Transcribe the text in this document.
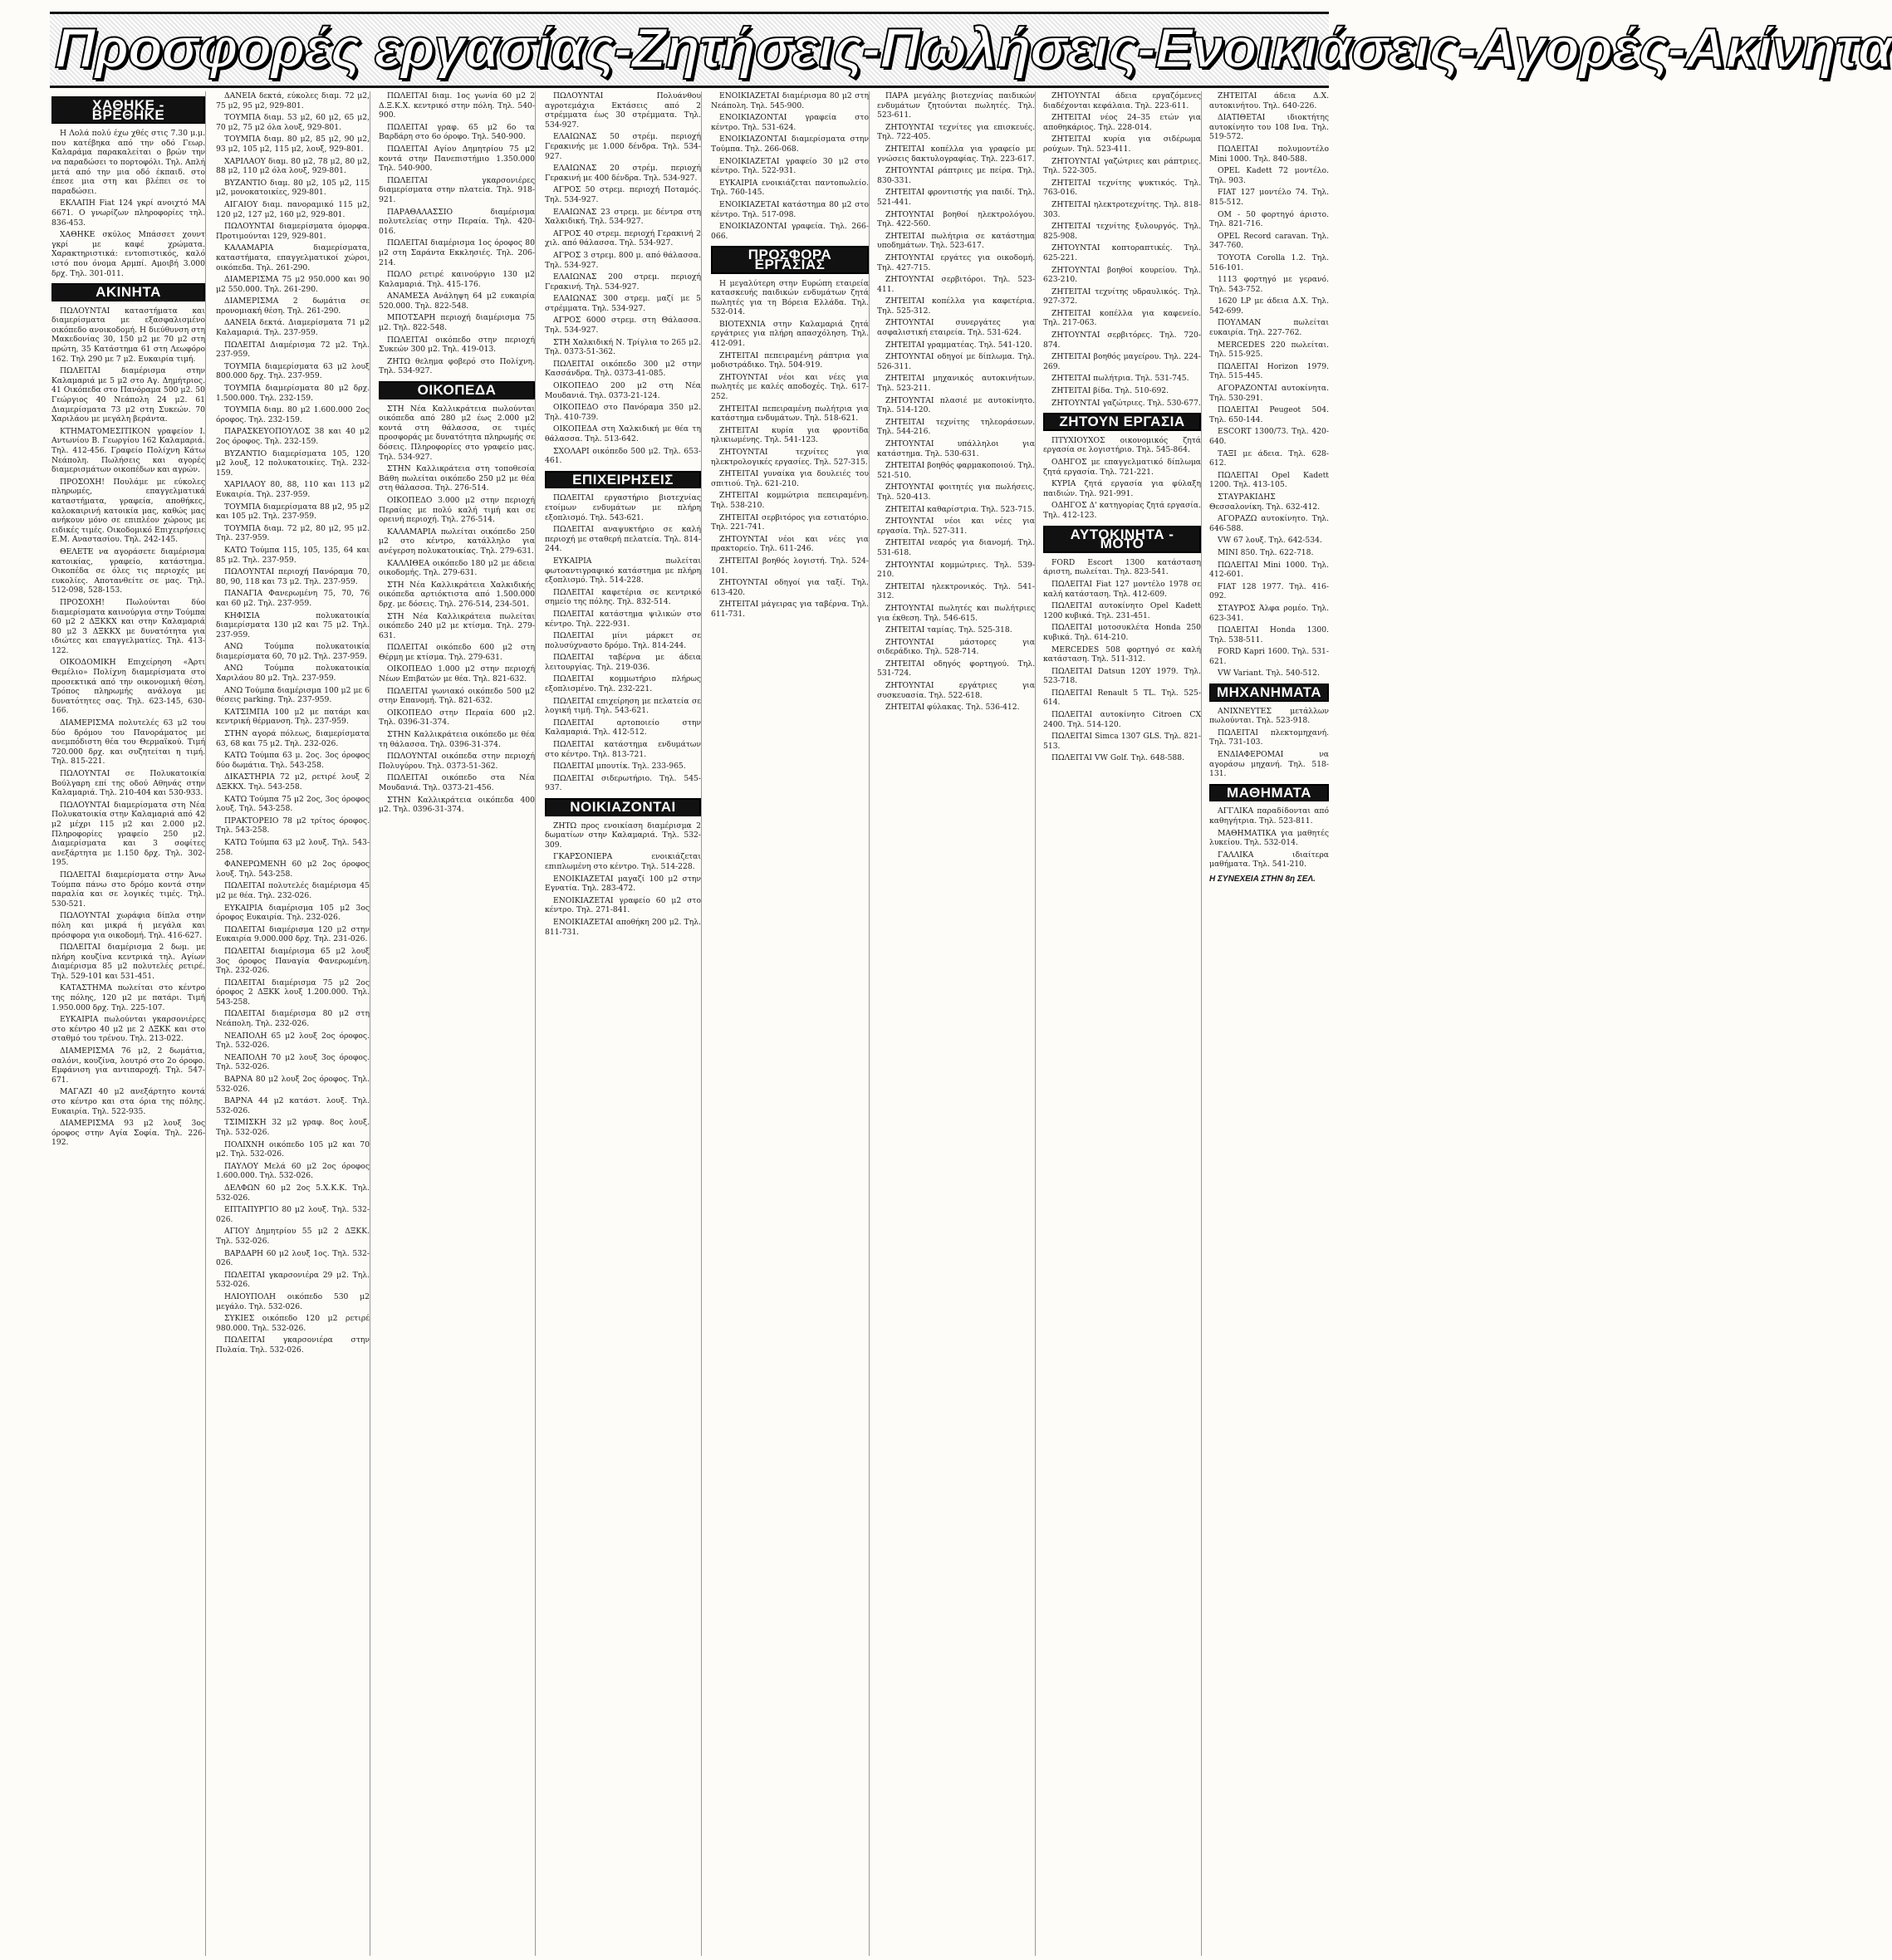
Προσφορές εργασίας-Ζητήσεις-Πωλήσεις-Ενοικιάσεις-Αγορές-Ακίνητα
ΧΑΘΗΚΕ - ΒΡΕΘΗΚΕ

Η Λολά πολύ έχω χθές στις 7.30 μ.μ. που κατέβηκα από την οδό Γεωρ. Καλαράμα παρακαλείται ο βρών την να παραδώσει το πορτοφόλι. Τηλ. Απλή μετά από την μια οδό έκπαιδ. στο έπεσε μια στη και βλέπει σε το παραδώσει.

ΕΚΛΑΠΗ Fiat 124 γκρί ανοιχτό ΜΑ 6671. Ο γνωρίζων πληροφορίες τηλ. 836-453.

ΧΑΘΗΚΕ σκύλος Μπάσσετ χουντ γκρί με καφέ χρώματα. Χαρακτηριστικά: εντοπιστικός, καλό ιστό που όνομα Αρμπί. Αμοιβή 3.000 δρχ. Τηλ. 301-011.

ΑΚΙΝΗΤΑ

ΠΩΛΟΥΝΤΑΙ καταστήματα και διαμερίσματα με εξασφαλισμένο οικόπεδο ανοικοδομή. Η διεύθυνση στη Μακεδονίας 30, 150 μ2 με 70 μ2 στη πρώτη, 35 Κατάστημα 61 στη Λεωφόρο 162. Τηλ 290 με 7 μ2. Ευκαιρία τιμή.

ΠΩΛΕΙΤΑΙ διαμέρισμα στην Καλαμαριά με 5 μ2 στο Αγ. Δημήτριος. 41 Οικόπεδα στο Πανόραμα 500 μ2. 50 Γεώργιος 40 Νεάπολη 24 μ2. 61 Διαμερίσματα 73 μ2 στη Συκεών. 70 Χαριλάου με μεγάλη βεράντα.

ΚΤΗΜΑΤΟΜΕΣΙΤΙΚΟΝ γραφείον Ι. Αντωνίου Β. Γεωργίου 162 Καλαμαριά. Τηλ. 412-456. Γραφείο Πολίχνη Κάτω Νεάπολη. Πωλήσεις και αγορές διαμερισμάτων οικοπέδων και αγρών.

ΠΡΟΣΟΧΗ! Πουλάμε με εύκολες πληρωμές, επαγγελματικά καταστήματα, γραφεία, αποθήκες, καλοκαιρινή κατοικία μας, καθώς μας ανήκουν μόνο σε επιπλέον χώρους με ειδικές τιμές. Οικοδομικό Επιχειρήσεις Ε.Μ. Αναστασίου. Τηλ. 242-145.

ΘΕΛΕΤΕ να αγοράσετε διαμέρισμα κατοικίας, γραφείο, κατάστημα. Οικοπέδα σε όλες τις περιοχές με ευκολίες. Αποτανθείτε σε μας. Τηλ. 512-098, 528-153.

ΠΡΟΣΟΧΗ! Πωλούνται δύο διαμερίσματα καινούργια στην Τούμπα 60 μ2 2 ΔΞΚΚΧ και στην Καλαμαριά 80 μ2 3 ΔΞΚΚΧ με δυνατότητα για ιδιώτες και επαγγελματίες. Τηλ. 413-122.

ΟΙΚΟΔΟΜΙΚΗ Επιχείρηση «Άρτι Θεμέλιο» Πολίχνη διαμερίσματα στο προσεκτικά από την οικονομική θέση. Τρόπος πληρωμής ανάλογα με δυνατότητες σας. Τηλ. 623-145, 630-166.

ΔΙΑΜΕΡΙΣΜΑ πολυτελές 63 μ2 του δύο δρόμου του Πανοράματος με ανεμπόδιστη θέα του Θερμαϊκού. Τιμή 720.000 δρχ. και συζητείται η τιμή. Τηλ. 815-221.

ΠΩΛΟΥΝΤΑΙ σε Πολυκατοικία Βούλγαρη επί της οδού Αθηνάς στην Καλαμαριά. Τηλ. 210-404 και 530-933.

ΠΩΛΟΥΝΤΑΙ διαμερίσματα στη Νέα Πολυκατοικία στην Καλαμαριά από 42 μ2 μέχρι 115 μ2 και 2.000 μ2. Πληροφορίες γραφείο 250 μ2. Διαμερίσματα και 3 σοφίτες ανεξάρτητα με 1.150 δρχ. Τηλ. 302-195.

ΠΩΛΕΙΤΑΙ διαμερίσματα στην Άνω Τούμπα πάνω στο δρόμο κοντά στην παραλία και σε λογικές τιμές. Τηλ. 530-521.

ΠΩΛΟΥΝΤΑΙ χωράφια δίπλα στην πόλη και μικρά ή μεγάλα και πρόσφορα για οικοδομή. Τηλ. 416-627.

ΠΩΛΕΙΤΑΙ διαμέρισμα 2 δωμ. με πλήρη κουζίνα κεντρικά τηλ. Αγίων Διαμέρισμα 85 μ2 πολυτελές ρετιρέ. Τηλ. 529-101 και 531-451.

ΚΑΤΑΣΤΗΜΑ πωλείται στο κέντρο της πόλης, 120 μ2 με πατάρι. Τιμή 1.950.000 δρχ. Τηλ. 225-107.

ΕΥΚΑΙΡΙΑ πωλούνται γκαρσονιέρες στο κέντρο 40 μ2 με 2 ΔΞΚΚ και στο σταθμό του τρένου. Τηλ. 213-022.

ΔΙΑΜΕΡΙΣΜΑ 76 μ2, 2 δωμάτια, σαλόνι, κουζίνα, λουτρό στο 2ο όροφο. Εμφάνιση για αντιπαροχή. Τηλ. 547-671.

ΜΑΓΑΖΙ 40 μ2 ανεξάρτητο κοντά στο κέντρο και στα όρια της πόλης. Ευκαιρία. Τηλ. 522-935.

ΔΙΑΜΕΡΙΣΜΑ 93 μ2 λουξ 3ος όροφος στην Αγία Σοφία. Τηλ. 226-192.

ΔΑΝΕΙΑ δεκτά, εύκολες διαμ. 72 μ2, 75 μ2, 95 μ2, 929-801.

ΤΟΥΜΠΑ διαμ. 53 μ2, 60 μ2, 65 μ2, 70 μ2, 75 μ2 όλα λουξ, 929-801.

ΤΟΥΜΠΑ διαμ. 80 μ2, 85 μ2, 90 μ2, 93 μ2, 105 μ2, 115 μ2, λουξ, 929-801.

ΧΑΡΙΛΑΟΥ διαμ. 80 μ2, 78 μ2, 80 μ2, 88 μ2, 110 μ2 όλα λουξ, 929-801.

ΒΥΖΑΝΤΙΟ διαμ. 80 μ2, 105 μ2, 115 μ2, μονοκατοικίες, 929-801.

ΑΙΓΑΙΟΥ διαμ. πανοραμικό 115 μ2, 120 μ2, 127 μ2, 160 μ2, 929-801.

ΠΩΛΟΥΝΤΑΙ διαμερίσματα όμορφα. Προτιμούνται 129, 929-801.

ΚΑΛΑΜΑΡΙΑ διαμερίσματα, καταστήματα, επαγγελματικοί χώροι, οικόπεδα. Τηλ. 261-290.

ΔΙΑΜΕΡΙΣΜΑ 75 μ2 950.000 και 90 μ2 550.000. Τηλ. 261-290.

ΔΙΑΜΕΡΙΣΜΑ 2 δωμάτια σε προνομιακή θέση. Τηλ. 261-290.

ΔΑΝΕΙΑ δεκτά. Διαμερίσματα 71 μ2 Καλαμαριά. Τηλ. 237-959.

ΠΩΛΕΙΤΑΙ Διαμέρισμα 72 μ2. Τηλ. 237-959.

ΤΟΥΜΠΑ διαμερίσματα 63 μ2 λουξ 800.000 δρχ. Τηλ. 237-959.

ΤΟΥΜΠΑ διαμερίσματα 80 μ2 δρχ. 1.500.000. Τηλ. 232-159.

ΤΟΥΜΠΑ διαμ. 80 μ2 1.600.000 2ος όροφος. Τηλ. 232-159.

ΠΑΡΑΣΚΕΥΟΠΟΥΛΟΣ 38 και 40 μ2 2ος όροφος. Τηλ. 232-159.

ΒΥΖΑΝΤΙΟ διαμερίσματα 105, 120 μ2 λουξ, 12 πολυκατοικίες. Τηλ. 232-159.

ΧΑΡΙΛΑΟΥ 80, 88, 110 και 113 μ2 Ευκαιρία. Τηλ. 237-959.

ΤΟΥΜΠΑ διαμερίσματα 88 μ2, 95 μ2 και 105 μ2. Τηλ. 237-959.

ΤΟΥΜΠΑ διαμ. 72 μ2, 80 μ2, 95 μ2. Τηλ. 237-959.

ΚΑΤΩ Τούμπα 115, 105, 135, 64 και 85 μ2. Τηλ. 237-959.

ΠΩΛΟΥΝΤΑΙ περιοχή Πανόραμα 70, 80, 90, 118 και 73 μ2. Τηλ. 237-959.

ΠΑΝΑΓΙΑ Φανερωμένη 75, 70, 76 και 60 μ2. Τηλ. 237-959.

ΚΗΦΙΣΙΑ πολυκατοικία διαμερίσματα 130 μ2 και 75 μ2. Τηλ. 237-959.

ΑΝΩ Τούμπα πολυκατοικία διαμερίσματα 60, 70 μ2. Τηλ. 237-959.

ΑΝΩ Τούμπα πολυκατοικία Χαριλάου 80 μ2. Τηλ. 237-959.

ΑΝΩ Τούμπα διαμέρισμα 100 μ2 με 6 θέσεις parking. Τηλ. 237-959.

ΚΑΤΣΙΜΠΑ 100 μ2 με πατάρι και κεντρική θέρμανση. Τηλ. 237-959.

ΣΤΗΝ αγορά πόλεως, διαμερίσματα 63, 68 και 75 μ2. Τηλ. 232-026.

ΚΑΤΩ Τούμπα 63 μ. 2ος. 3ος όροφος δύο δωμάτια. Τηλ. 543-258.

ΔΙΚΑΣΤΗΡΙΑ 72 μ2, ρετιρέ λουξ 2 ΔΞΚΚΧ. Τηλ. 543-258.

ΚΑΤΩ Τούμπα 75 μ2 2ος, 3ος όροφος λουξ. Τηλ. 543-258.

ΠΡΑΚΤΟΡΕΙΟ 78 μ2 τρίτος όροφος. Τηλ. 543-258.

ΚΑΤΩ Τούμπα 63 μ2 λουξ. Τηλ. 543-258.

ΦΑΝΕΡΩΜΕΝΗ 60 μ2 2ος όροφος λουξ. Τηλ. 543-258.

ΠΩΛΕΙΤΑΙ πολυτελές διαμέρισμα 45 μ2 με θέα. Τηλ. 232-026.

ΕΥΚΑΙΡΙΑ διαμέρισμα 105 μ2 3ος όροφος Ευκαιρία. Τηλ. 232-026.

ΠΩΛΕΙΤΑΙ διαμέρισμα 120 μ2 στην Ευκαιρία 9.000.000 δρχ. Τηλ. 231-026.

ΠΩΛΕΙΤΑΙ διαμέρισμα 65 μ2 λουξ 3ος όροφος Παναγία Φανερωμένη. Τηλ. 232-026.

ΠΩΛΕΙΤΑΙ διαμέρισμα 75 μ2 2ος όροφος 2 ΔΞΚΚ λουξ 1.200.000. Τηλ. 543-258.

ΠΩΛΕΙΤΑΙ διαμέρισμα 80 μ2 στη Νεάπολη. Τηλ. 232-026.

ΝΕΑΠΟΛΗ 65 μ2 λουξ 2ος όροφος. Τηλ. 532-026.

ΝΕΑΠΟΛΗ 70 μ2 λουξ 3ος όροφος. Τηλ. 532-026.

ΒΑΡΝΑ 80 μ2 λουξ 2ος όροφος. Τηλ. 532-026.

ΒΑΡΝΑ 44 μ2 κατάστ. λουξ. Τηλ. 532-026.

ΤΣΙΜΙΣΚΗ 32 μ2 γραφ. 8ος λουξ. Τηλ. 532-026.

ΠΟΛΙΧΝΗ οικόπεδο 105 μ2 και 70 μ2. Τηλ. 532-026.

ΠΑΥΛΟΥ Μελά 60 μ2 2ος όροφος 1.600.000. Τηλ. 532-026.

ΔΕΛΦΩΝ 60 μ2 2ος 5.Χ.Κ.Κ. Τηλ. 532-026.

ΕΠΤΑΠΥΡΓΙΟ 80 μ2 λουξ. Τηλ. 532-026.

ΑΓΙΟΥ Δημητρίου 55 μ2 2 ΔΞΚΚ. Τηλ. 532-026.

ΒΑΡΔΑΡΗ 60 μ2 λουξ 1ος. Τηλ. 532-026.

ΠΩΛΕΙΤΑΙ γκαρσονιέρα 29 μ2. Τηλ. 532-026.

ΗΛΙΟΥΠΟΛΗ οικόπεδο 530 μ2 μεγάλο. Τηλ. 532-026.

ΣΥΚΙΕΣ οικόπεδο 120 μ2 ρετιρέ 980.000. Τηλ. 532-026.

ΠΩΛΕΙΤΑΙ γκαρσονιέρα στην Πυλαία. Τηλ. 532-026.

ΠΩΛΕΙΤΑΙ διαμ. 1ος γωνία 60 μ2 2 Δ.Ξ.Κ.Χ. κεντρικό στην πόλη. Τηλ. 540-900.

ΠΩΛΕΙΤΑΙ γραφ. 65 μ2 6ο τα Βαρδάρη στο 6ο όροφο. Τηλ. 540-900.

ΠΩΛΕΙΤΑΙ Αγίου Δημητρίου 75 μ2 κοντά στην Πανεπιστήμιο 1.350.000 Τηλ. 540-900.

ΠΩΛΕΙΤΑΙ γκαρσονιέρες διαμερίσματα στην πλατεία. Τηλ. 918-921.

ΠΑΡΑΘΑΛΑΣΣΙΟ διαμέρισμα πολυτελείας στην Περαία. Τηλ. 420-016.

ΠΩΛΕΙΤΑΙ διαμέρισμα 1ος όροφος 80 μ2 στη Σαράντα Εκκλησιές. Τηλ. 206-214.

ΠΩΛΟ ρετιρέ καινούργιο 130 μ2 Καλαμαριά. Τηλ. 415-176.

ΑΝΑΜΕΣΑ Ανάληψη 64 μ2 ευκαιρία 520.000. Τηλ. 822-548.

ΜΠΟΤΣΑΡΗ περιοχή διαμέρισμα 75 μ2. Τηλ. 822-548.

ΠΩΛΕΙΤΑΙ οικόπεδο στην περιοχή Συκεών 300 μ2. Τηλ. 419-013.

ΖΗΤΩ θελημα φοβερό στο Πολίχνη. Τηλ. 534-927.

ΟΙΚΟΠΕΔΑ

ΣΤΗ Νέα Καλλικράτεια πωλούνται οικόπεδα από 280 μ2 έως 2.000 μ2 κοντά στη θάλασσα, σε τιμές προσφοράς με δυνατότητα πληρωμής σε δόσεις. Πληροφορίες στο γραφείο μας. Τηλ. 534-927.

ΣΤΗΝ Καλλικράτεια στη τοποθεσία Βάθη πωλείται οικόπεδο 250 μ2 με θέα στη θάλασσα. Τηλ. 276-514.

ΟΙΚΟΠΕΔΟ 3.000 μ2 στην περιοχή Περαίας με πολύ καλή τιμή και σε ορεινή περιοχή. Τηλ. 276-514.

ΚΑΛΑΜΑΡΙΑ πωλείται οικόπεδο 250 μ2 στο κέντρο, κατάλληλο για ανέγερση πολυκατοικίας. Τηλ. 279-631.

ΚΑΛΛΙΘΕΑ οικόπεδο 180 μ2 με άδεια οικοδομής. Τηλ. 279-631.

ΣΤΗ Νέα Καλλικράτεια Χαλκιδικής οικόπεδα αρτιόκτιστα από 1.500.000 δρχ. με δόσεις. Τηλ. 276-514, 234-501.

ΣΤΗ Νέα Καλλικράτεια πωλείται οικόπεδο 240 μ2 με κτίσμα. Τηλ. 279-631.

ΠΩΛΕΙΤΑΙ οικόπεδο 600 μ2 στη Θέρμη με κτίσμα. Τηλ. 279-631.

ΟΙΚΟΠΕΔΟ 1.000 μ2 στην περιοχή Νέων Επιβατών με θέα. Τηλ. 821-632.

ΠΩΛΕΙΤΑΙ γωνιακό οικόπεδο 500 μ2 στην Επανομή. Τηλ. 821-632.

ΟΙΚΟΠΕΔΟ στην Περαία 600 μ2. Τηλ. 0396-31-374.

ΣΤΗΝ Καλλικράτεια οικόπεδο με θέα τη θάλασσα. Τηλ. 0396-31-374.

ΠΩΛΟΥΝΤΑΙ οικόπεδα στην περιοχή Πολυγύρου. Τηλ. 0373-51-362.

ΠΩΛΕΙΤΑΙ οικόπεδο στα Νέα Μουδανιά. Τηλ. 0373-21-456.

ΣΤΗΝ Καλλικράτεια οικόπεδα 400 μ2. Τηλ. 0396-31-374.

ΠΩΛΟΥΝΤΑΙ Πολυάνθου αγροτεμάχια Εκτάσεις από 2 στρέμματα έως 30 στρέμματα. Τηλ. 534-927.

ΕΛΑΙΩΝΑΣ 50 στρέμ. περιοχή Γερακινής με 1.000 δένδρα. Τηλ. 534-927.

ΕΛΑΙΩΝΑΣ 20 στρέμ. περιοχή Γερακινή με 400 δένδρα. Τηλ. 534-927.

ΑΓΡΟΣ 50 στρεμ. περιοχή Ποταμός. Τηλ. 534-927.

ΕΛΑΙΩΝΑΣ 23 στρεμ. με δέντρα στη Χαλκιδική. Τηλ. 534-927.

ΑΓΡΟΣ 40 στρεμ. περιοχή Γερακινή 2 χιλ. από θάλασσα. Τηλ. 534-927.

ΑΓΡΟΣ 3 στρεμ. 800 μ. από θάλασσα. Τηλ. 534-927.

ΕΛΑΙΩΝΑΣ 200 στρεμ. περιοχή Γερακινή. Τηλ. 534-927.

ΕΛΑΙΩΝΑΣ 300 στρεμ. μαζί με 5 στρέμματα. Τηλ. 534-927.

ΑΓΡΟΣ 6000 στρεμ. στη Θάλασσα. Τηλ. 534-927.

ΣΤΗ Χαλκιδική Ν. Τρίγλια το 265 μ2. Τηλ. 0373-51-362.

ΠΩΛΕΙΤΑΙ οικόπεδο 300 μ2 στην Κασσάνδρα. Τηλ. 0373-41-085.

ΟΙΚΟΠΕΔΟ 200 μ2 στη Νέα Μουδανιά. Τηλ. 0373-21-124.

ΟΙΚΟΠΕΔΟ στο Πανόραμα 350 μ2. Τηλ. 410-739.

ΟΙΚΟΠΕΔΑ στη Χαλκιδική με θέα τη θάλασσα. Τηλ. 513-642.

ΣΧΟΛΑΡΙ οικόπεδο 500 μ2. Τηλ. 653-461.

ΕΠΙΧΕΙΡΗΣΕΙΣ

ΠΩΛΕΙΤΑΙ εργαστήριο βιοτεχνίας ετοίμων ενδυμάτων με πλήρη εξοπλισμό. Τηλ. 543-621.

ΠΩΛΕΙΤΑΙ αναψυκτήριο σε καλή περιοχή με σταθερή πελατεία. Τηλ. 814-244.

ΕΥΚΑΙΡΙΑ πωλείται φωτοαντιγραφικό κατάστημα με πλήρη εξοπλισμό. Τηλ. 514-228.

ΠΩΛΕΙΤΑΙ καφετέρια σε κεντρικό σημείο της πόλης. Τηλ. 832-514.

ΠΩΛΕΙΤΑΙ κατάστημα ψιλικών στο κέντρο. Τηλ. 222-931.

ΠΩΛΕΙΤΑΙ μίνι μάρκετ σε πολυσύχναστο δρόμο. Τηλ. 814-244.

ΠΩΛΕΙΤΑΙ ταβέρνα με άδεια λειτουργίας. Τηλ. 219-036.

ΠΩΛΕΙΤΑΙ κομμωτήριο πλήρως εξοπλισμένο. Τηλ. 232-221.

ΠΩΛΕΙΤΑΙ επιχείρηση με πελατεία σε λογική τιμή. Τηλ. 543-621.

ΠΩΛΕΙΤΑΙ αρτοποιείο στην Καλαμαριά. Τηλ. 412-512.

ΠΩΛΕΙΤΑΙ κατάστημα ενδυμάτων στο κέντρο. Τηλ. 813-721.

ΠΩΛΕΙΤΑΙ μπουτίκ. Τηλ. 233-965.

ΠΩΛΕΙΤΑΙ σιδερωτήριο. Τηλ. 545-937.

ΝΟΙΚΙΑΖΟΝΤΑΙ

ΖΗΤΩ προς ενοικίαση διαμέρισμα 2 δωματίων στην Καλαμαριά. Τηλ. 532-309.

ΓΚΑΡΣΟΝΙΕΡΑ ενοικιάζεται επιπλωμένη στο κέντρο. Τηλ. 514-228.

ΕΝΟΙΚΙΑΖΕΤΑΙ μαγαζί 100 μ2 στην Εγνατία. Τηλ. 283-472.

ΕΝΟΙΚΙΑΖΕΤΑΙ γραφείο 60 μ2 στο κέντρο. Τηλ. 271-841.

ΕΝΟΙΚΙΑΖΕΤΑΙ αποθήκη 200 μ2. Τηλ. 811-731.

ΕΝΟΙΚΙΑΖΕΤΑΙ διαμέρισμα 80 μ2 στη Νεάπολη. Τηλ. 545-900.

ΕΝΟΙΚΙΑΖΟΝΤΑΙ γραφεία στο κέντρο. Τηλ. 531-624.

ΕΝΟΙΚΙΑΖΟΝΤΑΙ διαμερίσματα στην Τούμπα. Τηλ. 266-068.

ΕΝΟΙΚΙΑΖΕΤΑΙ γραφείο 30 μ2 στο κέντρο. Τηλ. 522-931.

ΕΥΚΑΙΡΙΑ ενοικιάζεται παντοπωλείο. Τηλ. 760-145.

ΕΝΟΙΚΙΑΖΕΤΑΙ κατάστημα 80 μ2 στο κέντρο. Τηλ. 517-098.

ΕΝΟΙΚΙΑΖΟΝΤΑΙ γραφεία. Τηλ. 266-066.

ΠΡΟΣΦΟΡΑ ΕΡΓΑΣΙΑΣ

Η μεγαλύτερη στην Ευρώπη εταιρεία κατασκευής παιδικών ενδυμάτων ζητά πωλητές για τη Βόρεια Ελλάδα. Τηλ. 532-014.

ΒΙΟΤΕΧΝΙΑ στην Καλαμαριά ζητά εργάτριες για πλήρη απασχόληση. Τηλ. 412-091.

ΖΗΤΕΙΤΑΙ πεπειραμένη ράπτρια για μοδιστράδικο. Τηλ. 504-919.

ΖΗΤΟΥΝΤΑΙ νέοι και νέες για πωλητές με καλές αποδοχές. Τηλ. 617-252.

ΖΗΤΕΙΤΑΙ πεπειραμένη πωλήτρια για κατάστημα ενδυμάτων. Τηλ. 518-621.

ΖΗΤΕΙΤΑΙ κυρία για φροντίδα ηλικιωμένης. Τηλ. 541-123.

ΖΗΤΟΥΝΤΑΙ τεχνίτες για ηλεκτρολογικές εργασίες. Τηλ. 527-315.

ΖΗΤΕΙΤΑΙ γυναίκα για δουλειές του σπιτιού. Τηλ. 621-210.

ΖΗΤΕΙΤΑΙ κομμώτρια πεπειραμένη. Τηλ. 538-210.

ΖΗΤΕΙΤΑΙ σερβιτόρος για εστιατόριο. Τηλ. 221-741.

ΖΗΤΟΥΝΤΑΙ νέοι και νέες για πρακτορείο. Τηλ. 611-246.

ΖΗΤΕΙΤΑΙ βοηθός λογιστή. Τηλ. 524-101.

ΖΗΤΟΥΝΤΑΙ οδηγοί για ταξί. Τηλ. 613-420.

ΖΗΤΕΙΤΑΙ μάγειρας για ταβέρνα. Τηλ. 611-731.

ΠΑΡΑ μεγάλης βιοτεχνίας παιδικών ενδυμάτων ζητούνται πωλητές. Τηλ. 523-611.

ΖΗΤΟΥΝΤΑΙ τεχνίτες για επισκευές. Τηλ. 722-405.

ΖΗΤΕΙΤΑΙ κοπέλλα για γραφείο με γνώσεις δακτυλογραφίας. Τηλ. 223-617.

ΖΗΤΟΥΝΤΑΙ ράπτριες με πείρα. Τηλ. 830-331.

ΖΗΤΕΙΤΑΙ φροντιστής για παιδί. Τηλ. 521-441.

ΖΗΤΟΥΝΤΑΙ βοηθοί ηλεκτρολόγου. Τηλ. 422-560.

ΖΗΤΕΙΤΑΙ πωλήτρια σε κατάστημα υποδημάτων. Τηλ. 523-617.

ΖΗΤΟΥΝΤΑΙ εργάτες για οικοδομή. Τηλ. 427-715.

ΖΗΤΟΥΝΤΑΙ σερβιτόροι. Τηλ. 523-411.

ΖΗΤΕΙΤΑΙ κοπέλλα για καφετέρια. Τηλ. 525-312.

ΖΗΤΟΥΝΤΑΙ συνεργάτες για ασφαλιστική εταιρεία. Τηλ. 531-624.

ΖΗΤΕΙΤΑΙ γραμματέας. Τηλ. 541-120.

ΖΗΤΟΥΝΤΑΙ οδηγοί με δίπλωμα. Τηλ. 526-311.

ΖΗΤΕΙΤΑΙ μηχανικός αυτοκινήτων. Τηλ. 523-211.

ΖΗΤΟΥΝΤΑΙ πλασιέ με αυτοκίνητο. Τηλ. 514-120.

ΖΗΤΕΙΤΑΙ τεχνίτης τηλεοράσεων. Τηλ. 544-216.

ΖΗΤΟΥΝΤΑΙ υπάλληλοι για κατάστημα. Τηλ. 530-631.

ΖΗΤΕΙΤΑΙ βοηθός φαρμακοποιού. Τηλ. 521-510.

ΖΗΤΟΥΝΤΑΙ φοιτητές για πωλήσεις. Τηλ. 520-413.

ΖΗΤΕΙΤΑΙ καθαρίστρια. Τηλ. 523-715.

ΖΗΤΟΥΝΤΑΙ νέοι και νέες για εργασία. Τηλ. 527-311.

ΖΗΤΕΙΤΑΙ νεαρός για διανομή. Τηλ. 531-618.

ΖΗΤΟΥΝΤΑΙ κομμώτριες. Τηλ. 539-210.

ΖΗΤΕΙΤΑΙ ηλεκτρονικός. Τηλ. 541-312.

ΖΗΤΟΥΝΤΑΙ πωλητές και πωλήτριες για έκθεση. Τηλ. 546-615.

ΖΗΤΕΙΤΑΙ ταμίας. Τηλ. 525-318.

ΖΗΤΟΥΝΤΑΙ μάστορες για σιδεράδικο. Τηλ. 528-714.

ΖΗΤΕΙΤΑΙ οδηγός φορτηγού. Τηλ. 531-724.

ΖΗΤΟΥΝΤΑΙ εργάτριες για συσκευασία. Τηλ. 522-618.

ΖΗΤΕΙΤΑΙ φύλακας. Τηλ. 536-412.

ΖΗΤΟΥΝΤΑΙ άδεια εργαζόμενες διαδέχονται κεφάλαια. Τηλ. 223-611.

ΖΗΤΕΙΤΑΙ νέος 24–35 ετών για αποθηκάριος. Τηλ. 228-014.

ΖΗΤΕΙΤΑΙ κυρία για σιδέρωμα ρούχων. Τηλ. 523-411.

ΖΗΤΟΥΝΤΑΙ γαζώτριες και ράπτριες. Τηλ. 522-305.

ΖΗΤΕΙΤΑΙ τεχνίτης ψυκτικός. Τηλ. 763-016.

ΖΗΤΕΙΤΑΙ ηλεκτροτεχνίτης. Τηλ. 818-303.

ΖΗΤΕΙΤΑΙ τεχνίτης ξυλουργός. Τηλ. 825-908.

ΖΗΤΟΥΝΤΑΙ κοπτοραπτικές. Τηλ. 625-221.

ΖΗΤΟΥΝΤΑΙ βοηθοί κουρείου. Τηλ. 623-210.

ΖΗΤΕΙΤΑΙ τεχνίτης υδραυλικός. Τηλ. 927-372.

ΖΗΤΕΙΤΑΙ κοπέλλα για καφενείο. Τηλ. 217-063.

ΖΗΤΟΥΝΤΑΙ σερβιτόρες. Τηλ. 720-874.

ΖΗΤΕΙΤΑΙ βοηθός μαγείρου. Τηλ. 224-269.

ΖΗΤΕΙΤΑΙ πωλήτρια. Τηλ. 531-745.

ΖΗΤΕΙΤΑΙ βίδα. Τηλ. 510-692.

ΖΗΤΟΥΝΤΑΙ γαζώτριες. Τηλ. 530-677.

ΖΗΤΟΥΝ ΕΡΓΑΣΙΑ

ΠΤΥΧΙΟΥΧΟΣ οικονομικός ζητά εργασία σε λογιστήριο. Τηλ. 545-864.

ΟΔΗΓΟΣ με επαγγελματικό δίπλωμα ζητά εργασία. Τηλ. 721-221.

ΚΥΡΙΑ ζητά εργασία για φύλαξη παιδιών. Τηλ. 921-991.

ΟΔΗΓΟΣ Δ' κατηγορίας ζητά εργασία. Τηλ. 412-123.

ΑΥΤΟΚΙΝΗΤΑ - ΜΟΤΟ

FORD Escort 1300 κατάσταση άριστη, πωλείται. Τηλ. 823-541.

ΠΩΛΕΙΤΑΙ Fiat 127 μοντέλο 1978 σε καλή κατάσταση. Τηλ. 412-609.

ΠΩΛΕΙΤΑΙ αυτοκίνητο Opel Kadett 1200 κυβικά. Τηλ. 231-451.

ΠΩΛΕΙΤΑΙ μοτοσυκλέτα Honda 250 κυβικά. Τηλ. 614-210.

MERCEDES 508 φορτηγό σε καλή κατάσταση. Τηλ. 511-312.

ΠΩΛΕΙΤΑΙ Datsun 120Y 1979. Τηλ. 523-718.

ΠΩΛΕΙΤΑΙ Renault 5 TL. Τηλ. 525-614.

ΠΩΛΕΙΤΑΙ αυτοκίνητο Citroen CX 2400. Τηλ. 514-120.

ΠΩΛΕΙΤΑΙ Simca 1307 GLS. Τηλ. 821-513.

ΠΩΛΕΙΤΑΙ VW Golf. Τηλ. 648-588.

ΖΗΤΕΙΤΑΙ άδεια Δ.Χ. αυτοκινήτου. Τηλ. 640-226.

ΔΙΑΤΙΘΕΤΑΙ ιδιοκτήτης αυτοκίνητο του 108 Ινα. Τηλ. 519-572.

ΠΩΛΕΙΤΑΙ πολυμοντέλο Mini 1000. Τηλ. 840-588.

OPEL Kadett 72 μοντέλο. Τηλ. 903.

FIAT 127 μοντέλο 74. Τηλ. 815-512.

OM - 50 φορτηγό άριστο. Τηλ. 821-716.

OPEL Record caravan. Τηλ. 347-760.

ΤΟΥΟΤΑ Corolla 1.2. Τηλ. 516-101.

1113 φορτηγό με γερανό. Τηλ. 543-752.

1620 LP με άδεια Δ.Χ. Τηλ. 542-699.

ΠΟΥΛΜΑΝ πωλείται ευκαιρία. Τηλ. 227-762.

MERCEDES 220 πωλείται. Τηλ. 515-925.

ΠΩΛΕΙΤΑΙ Horizon 1979. Τηλ. 515-445.

ΑΓΟΡΑΖΟΝΤΑΙ αυτοκίνητα. Τηλ. 530-291.

ΠΩΛΕΙΤΑΙ Peugeot 504. Τηλ. 650-144.

ESCORT 1300/73. Τηλ. 420-640.

ΤΑΞΙ με άδεια. Τηλ. 628-612.

ΠΩΛΕΙΤΑΙ Opel Kadett 1200. Τηλ. 413-105.

ΣΤΑΥΡΑΚΙΔΗΣ Θεσσαλονίκη. Τηλ. 632-412.

ΑΓΟΡΑΖΩ αυτοκίνητο. Τηλ. 646-588.

VW 67 λουξ. Τηλ. 642-534.

MINI 850. Τηλ. 622-718.

ΠΩΛΕΙΤΑΙ Mini 1000. Τηλ. 412-601.

FIAT 128 1977. Τηλ. 416-092.

ΣΤΑΥΡΟΣ Άλφα ρομέο. Τηλ. 623-341.

ΠΩΛΕΙΤΑΙ Honda 1300. Τηλ. 538-511.

FORD Kapri 1600. Τηλ. 531-621.

VW Variant. Τηλ. 540-512.

ΜΗΧΑΝΗΜΑΤΑ

ΑΝΙΧΝΕΥΤΕΣ μετάλλων πωλούνται. Τηλ. 523-918.

ΠΩΛΕΙΤΑΙ πλεκτομηχανή. Τηλ. 731-103.

ΕΝΔΙΑΦΕΡΟΜΑΙ να αγοράσω μηχανή. Τηλ. 518-131.

ΜΑΘΗΜΑΤΑ

ΑΓΓΛΙΚΑ παραδίδονται από καθηγήτρια. Τηλ. 523-811.

ΜΑΘΗΜΑΤΙΚΑ για μαθητές λυκείου. Τηλ. 532-014.

ΓΑΛΛΙΚΑ ιδιαίτερα μαθήματα. Τηλ. 541-210.

Η ΣΥΝΕΧΕΙΑ ΣΤΗΝ 8η ΣΕΛ.
